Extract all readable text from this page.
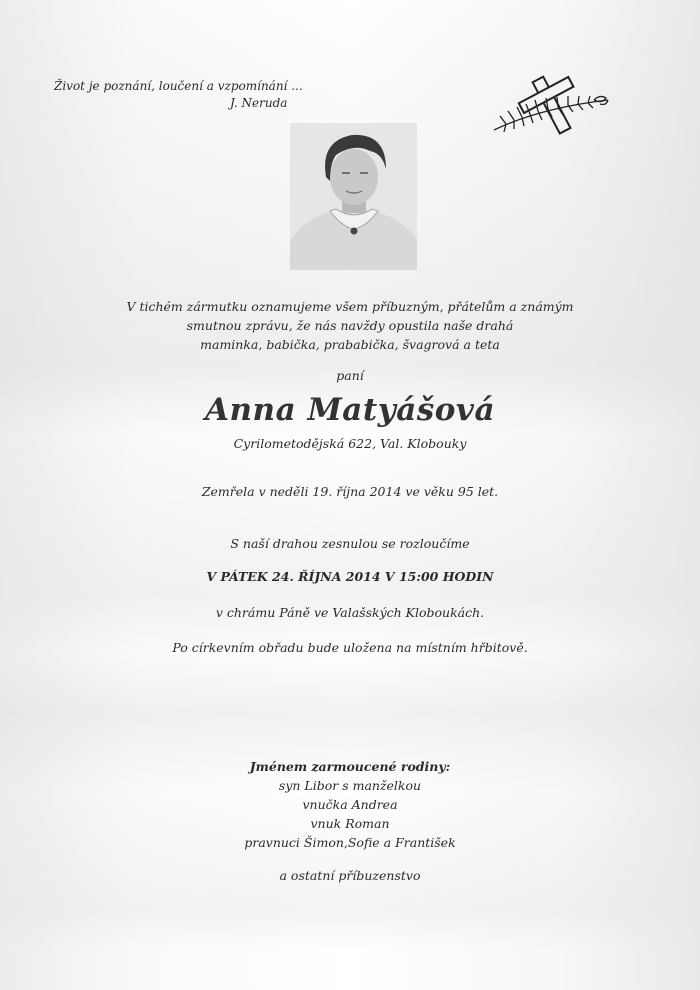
Život je poznání, loučení a vzpomínání ...
J. Neruda
V tichém zármutku oznamujeme všem příbuzným, přátelům a známým
smutnou zprávu, že nás navždy opustila naše drahá
maminka, babička, prababička, švagrová a teta
paní
Anna Matyášová
Cyrilometodějská 622, Val. Klobouky
Zemřela v neděli 19. října 2014 ve věku 95 let.
S naší drahou zesnulou se rozloučíme
V PÁTEK 24. ŘÍJNA 2014 V 15:00 HODIN
v chrámu Páně ve Valašských Kloboukách.
Po církevním obřadu bude uložena na místním hřbitově.
Jménem zarmoucené rodiny:
syn Libor s manželkou
vnučka Andrea
vnuk Roman
pravnuci Šimon,Sofie a František
a ostatní příbuzenstvo
